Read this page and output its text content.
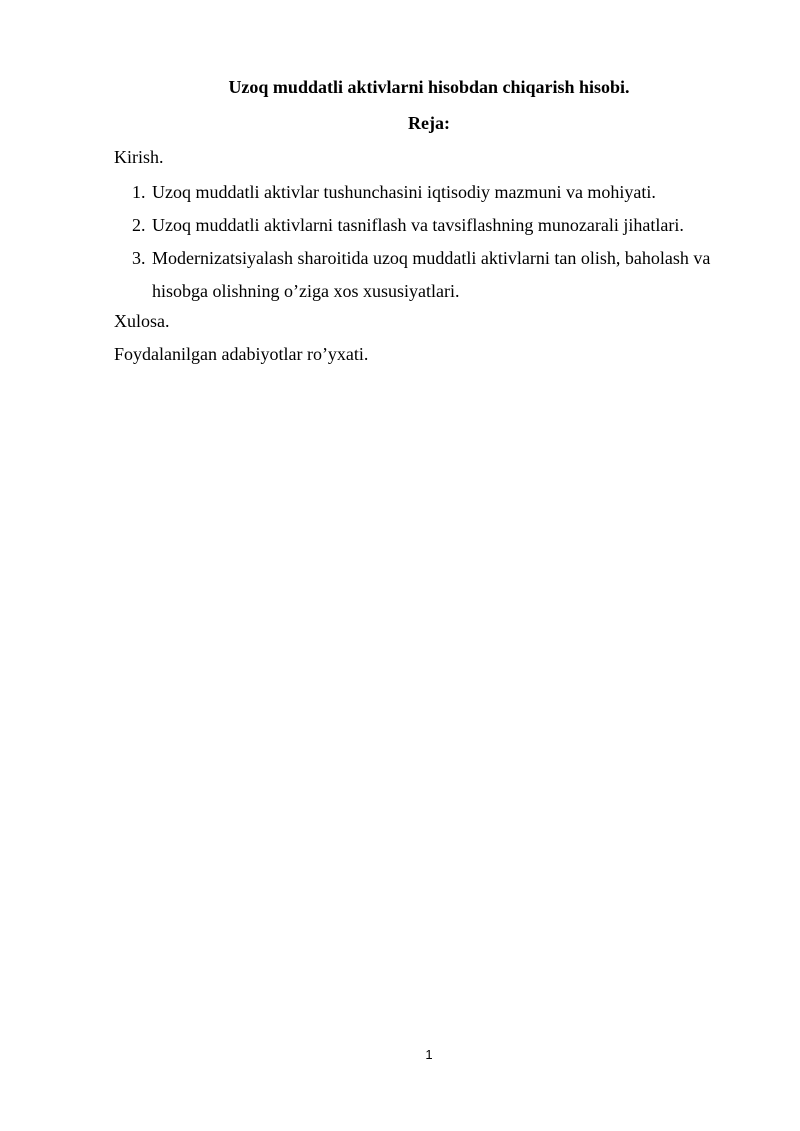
Uzoq muddatli aktivlarni hisobdan chiqarish hisobi.
Reja:

Kirish.

1. Uzoq muddatli aktivlar tushunchasini iqtisodiy mazmuni va mohiyati.
2. Uzoq muddatli aktivlarni tasniflash va tavsiflashning munozarali jihatlari.
3. Modernizatsiyalash sharoitida uzoq muddatli aktivlarni tan olish, baholash va hisobga olishning o’ziga xos xususiyatlari.

Xulosa.

Foydalanilgan adabiyotlar ro’yxati.

1
